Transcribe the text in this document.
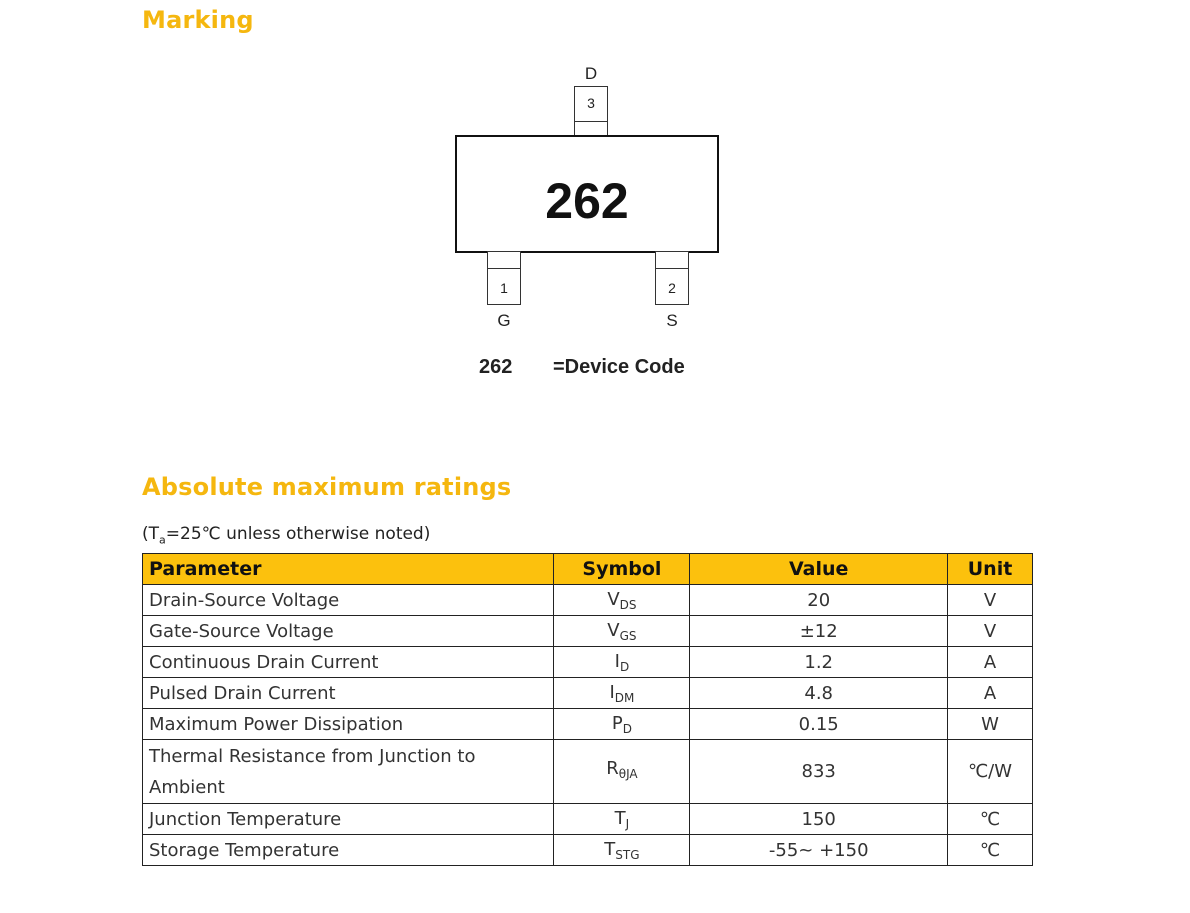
Marking
D
3
262
1
G
2
S
262 =Device Code
Absolute maximum ratings
($T_a=25℃$ unless otherwise noted)
Parameter	Symbol	Value	Unit
Drain-Source Voltage	$V_{DS}$	20	V
Gate-Source Voltage	$V_{GS}$	±12	V
Continuous Drain Current	$I_D$	1.2	A
Pulsed Drain Current	$I_{DM}$	4.8	A
Maximum Power Dissipation	$P_D$	0.15	W
Thermal Resistance from Junction to
Ambient	$R_{\theta JA}$	833	℃/W
Junction Temperature	$T_J$	150	℃
Storage Temperature	$T_{STG}$	-55~ +150	℃
